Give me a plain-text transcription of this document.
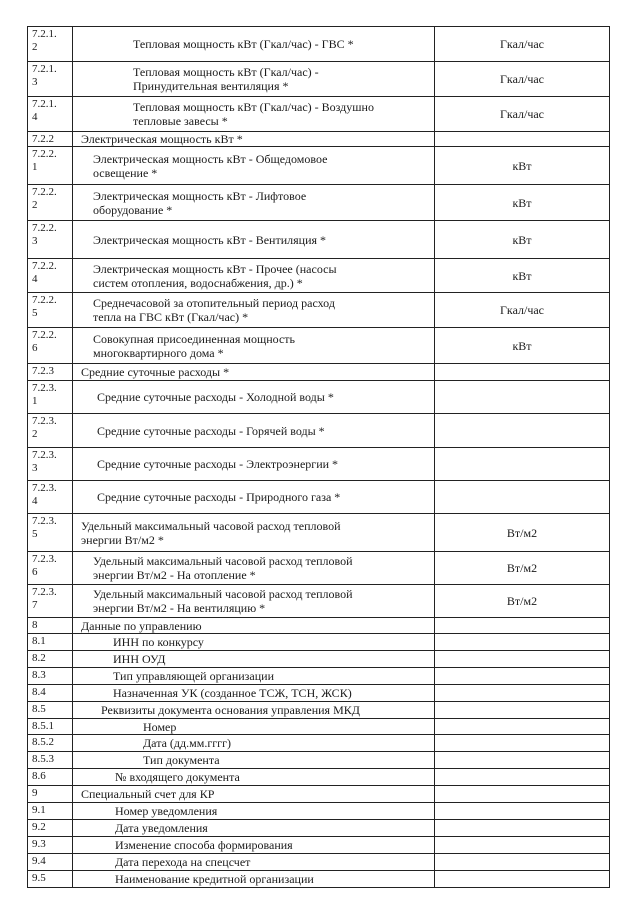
7.2.1.
2	Тепловая мощность кВт (Гкал/час) - ГВС *	Гкал/час
7.2.1.
3	Тепловая мощность кВт (Гкал/час) -
Принудительная вентиляция *	Гкал/час
7.2.1.
4	Тепловая мощность кВт (Гкал/час) - Воздушно
тепловые завесы *	Гкал/час
7.2.2	Электрическая мощность кВт *	
7.2.2.
1	Электрическая мощность кВт - Общедомовое
освещение *	кВт
7.2.2.
2	Электрическая мощность кВт - Лифтовое
оборудование *	кВт
7.2.2.
3	Электрическая мощность кВт - Вентиляция *	кВт
7.2.2.
4	Электрическая мощность кВт - Прочее (насосы
систем отопления, водоснабжения, др.) *	кВт
7.2.2.
5	Среднечасовой за отопительный период расход
тепла на ГВС кВт (Гкал/час) *	Гкал/час
7.2.2.
6	Совокупная присоединенная мощность
многоквартирного дома *	кВт
7.2.3	Средние суточные расходы *	
7.2.3.
1	Средние суточные расходы - Холодной воды *	
7.2.3.
2	Средние суточные расходы - Горячей воды *	
7.2.3.
3	Средние суточные расходы - Электроэнергии *	
7.2.3.
4	Средние суточные расходы - Природного газа *	
7.2.3.
5	Удельный максимальный часовой расход тепловой
энергии Вт/м2 *	Вт/м2
7.2.3.
6	Удельный максимальный часовой расход тепловой
энергии Вт/м2 - На отопление *	Вт/м2
7.2.3.
7	Удельный максимальный часовой расход тепловой
энергии Вт/м2 - На вентиляцию *	Вт/м2
8	Данные по управлению	
8.1	ИНН по конкурсу	
8.2	ИНН ОУД	
8.3	Тип управляющей организации	
8.4	Назначенная УК (созданное ТСЖ, ТСН, ЖСК)	
8.5	Реквизиты документа основания управления МКД	
8.5.1	Номер	
8.5.2	Дата (дд.мм.гггг)	
8.5.3	Тип документа	
8.6	№ входящего документа	
9	Специальный счет для КР	
9.1	Номер уведомления	
9.2	Дата уведомления	
9.3	Изменение способа формирования	
9.4	Дата перехода на спецсчет	
9.5	Наименование кредитной организации	
